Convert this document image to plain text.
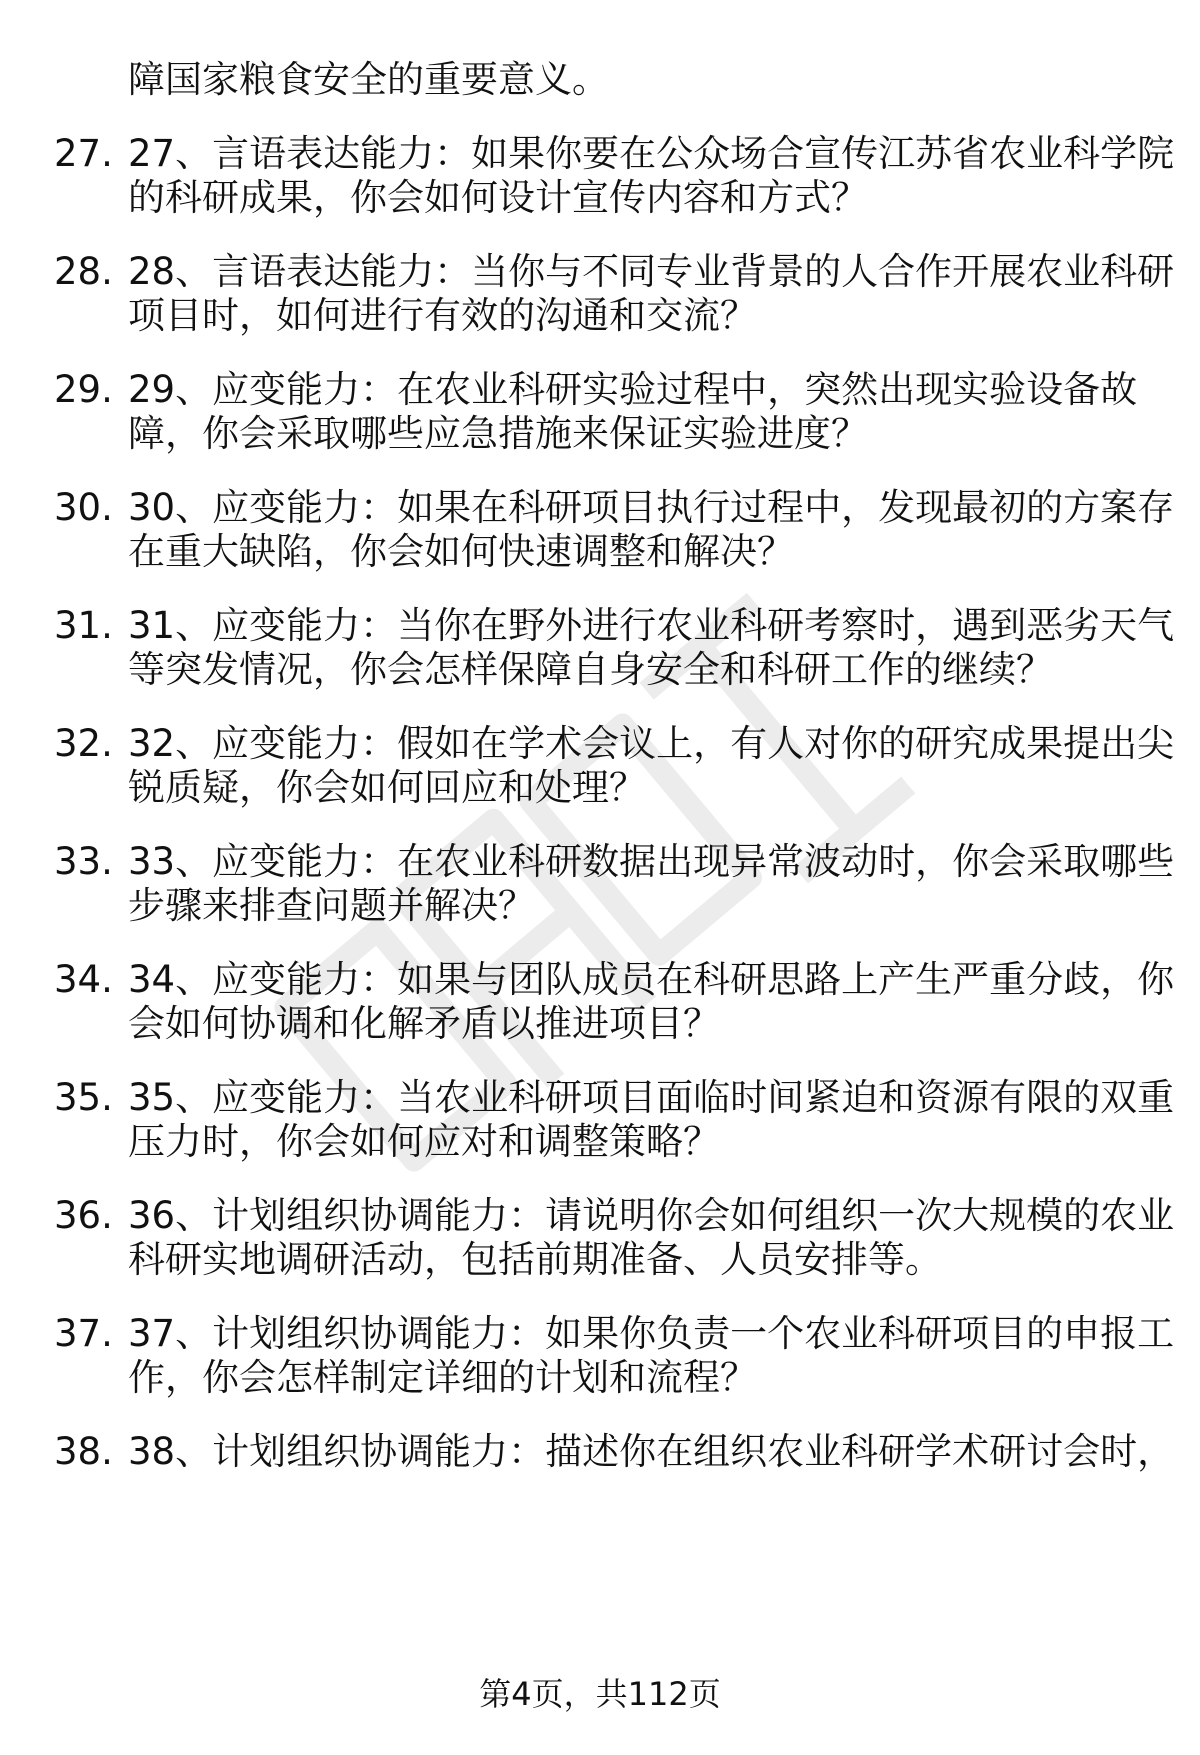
障国家粮食安全的重要意义。
27. 27、言语表达能力：如果你要在公众场合宣传江苏省农业科学院
的科研成果，你会如何设计宣传内容和方式？
28. 28、言语表达能力：当你与不同专业背景的人合作开展农业科研
项目时，如何进行有效的沟通和交流？
29. 29、应变能力：在农业科研实验过程中，突然出现实验设备故
障，你会采取哪些应急措施来保证实验进度？
30. 30、应变能力：如果在科研项目执行过程中，发现最初的方案存
在重大缺陷，你会如何快速调整和解决？
31. 31、应变能力：当你在野外进行农业科研考察时，遇到恶劣天气
等突发情况，你会怎样保障自身安全和科研工作的继续？
32. 32、应变能力：假如在学术会议上，有人对你的研究成果提出尖
锐质疑，你会如何回应和处理？
33. 33、应变能力：在农业科研数据出现异常波动时，你会采取哪些
步骤来排查问题并解决？
34. 34、应变能力：如果与团队成员在科研思路上产生严重分歧，你
会如何协调和化解矛盾以推进项目？
35. 35、应变能力：当农业科研项目面临时间紧迫和资源有限的双重
压力时，你会如何应对和调整策略？
36. 36、计划组织协调能力：请说明你会如何组织一次大规模的农业
科研实地调研活动，包括前期准备、人员安排等。
37. 37、计划组织协调能力：如果你负责一个农业科研项目的申报工
作，你会怎样制定详细的计划和流程？
38. 38、计划组织协调能力：描述你在组织农业科研学术研讨会时，
第4页，共112页
